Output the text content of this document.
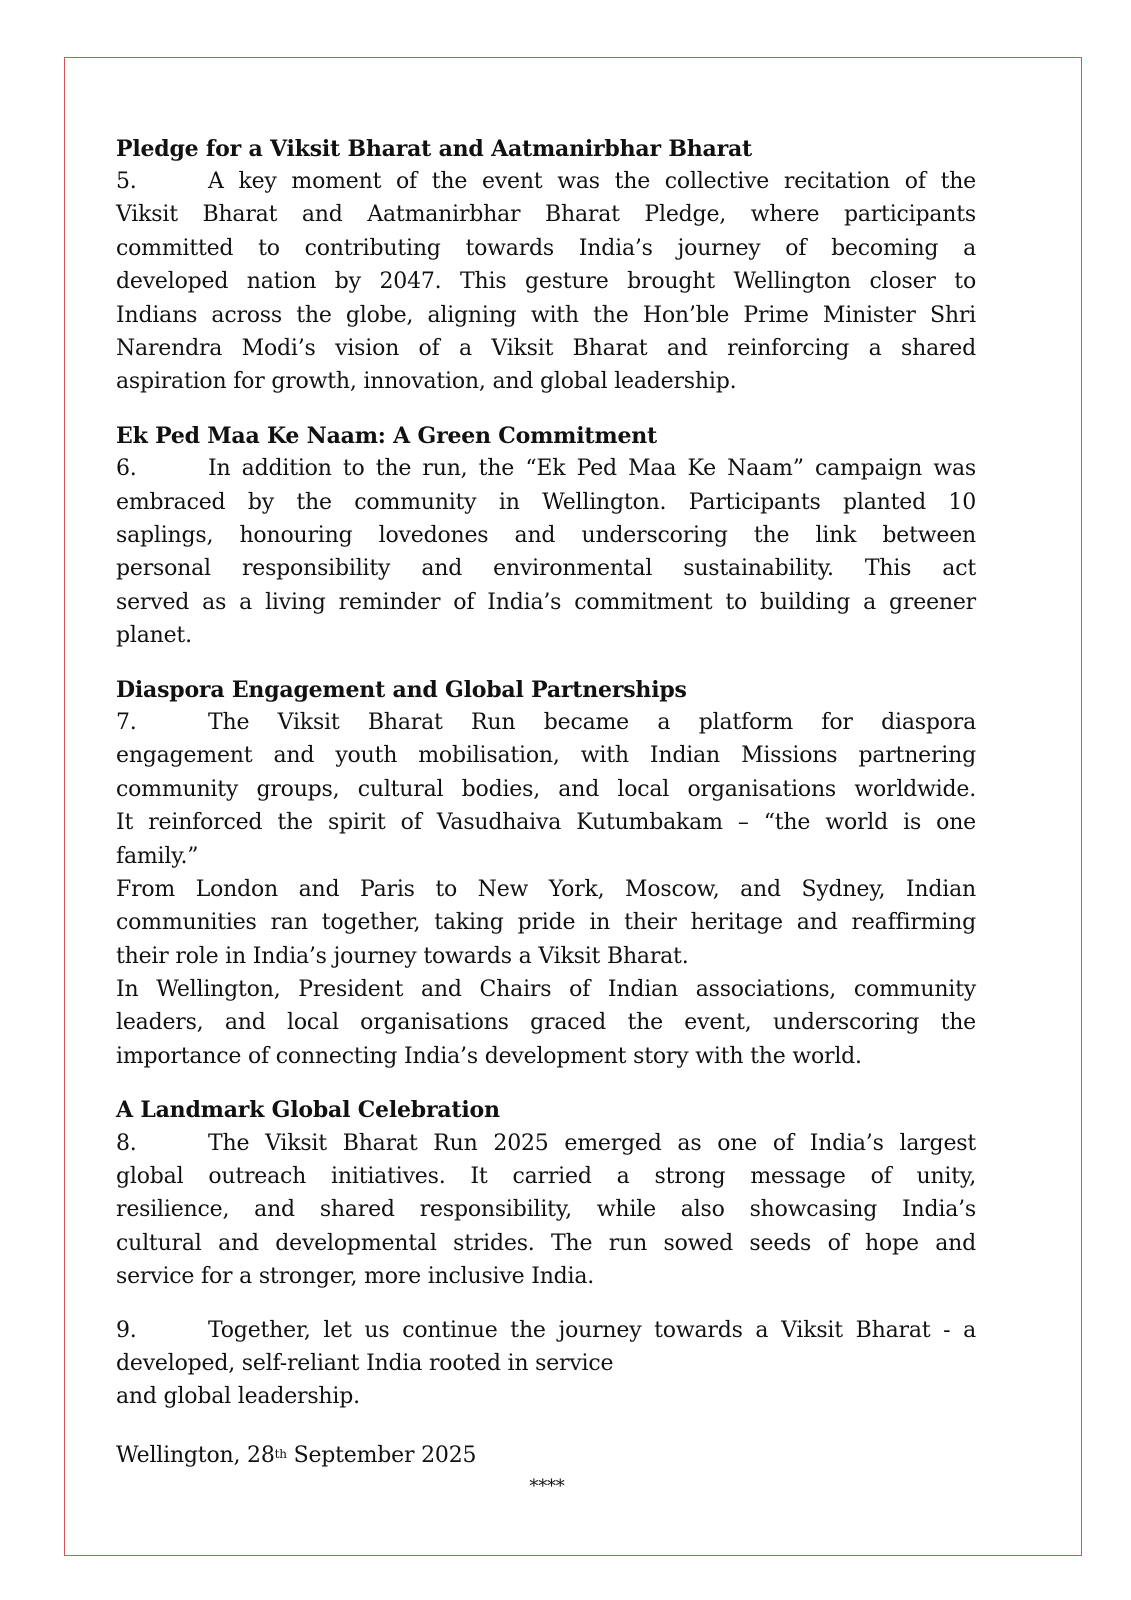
Pledge for a Viksit Bharat and Aatmanirbhar Bharat
5.	A key moment of the event was the collective recitation of the
Viksit Bharat and Aatmanirbhar Bharat Pledge, where participants
committed to contributing towards India’s journey of becoming a
developed nation by 2047. This gesture brought Wellington closer to
Indians across the globe, aligning with the Hon’ble Prime Minister Shri
Narendra Modi’s vision of a Viksit Bharat and reinforcing a shared
aspiration for growth, innovation, and global leadership.
Ek Ped Maa Ke Naam: A Green Commitment
6.	In addition to the run, the “Ek Ped Maa Ke Naam” campaign was
embraced by the community in Wellington. Participants planted 10
saplings, honouring lovedones and underscoring the link between
personal responsibility and environmental sustainability. This act
served as a living reminder of India’s commitment to building a greener
planet.
Diaspora Engagement and Global Partnerships
7.	The Viksit Bharat Run became a platform for diaspora
engagement and youth mobilisation, with Indian Missions partnering
community groups, cultural bodies, and local organisations worldwide.
It reinforced the spirit of Vasudhaiva Kutumbakam – “the world is one
family.”
From London and Paris to New York, Moscow, and Sydney, Indian
communities ran together, taking pride in their heritage and reaffirming
their role in India’s journey towards a Viksit Bharat.
In Wellington, President and Chairs of Indian associations, community
leaders, and local organisations graced the event, underscoring the
importance of connecting India’s development story with the world.
A Landmark Global Celebration
8.	The Viksit Bharat Run 2025 emerged as one of India’s largest
global outreach initiatives. It carried a strong message of unity,
resilience, and shared responsibility, while also showcasing India’s
cultural and developmental strides. The run sowed seeds of hope and
service for a stronger, more inclusive India.
9.	Together, let us continue the journey towards a Viksit Bharat - a
developed, self-reliant India rooted in service
and global leadership.
Wellington, 28th September 2025
****
